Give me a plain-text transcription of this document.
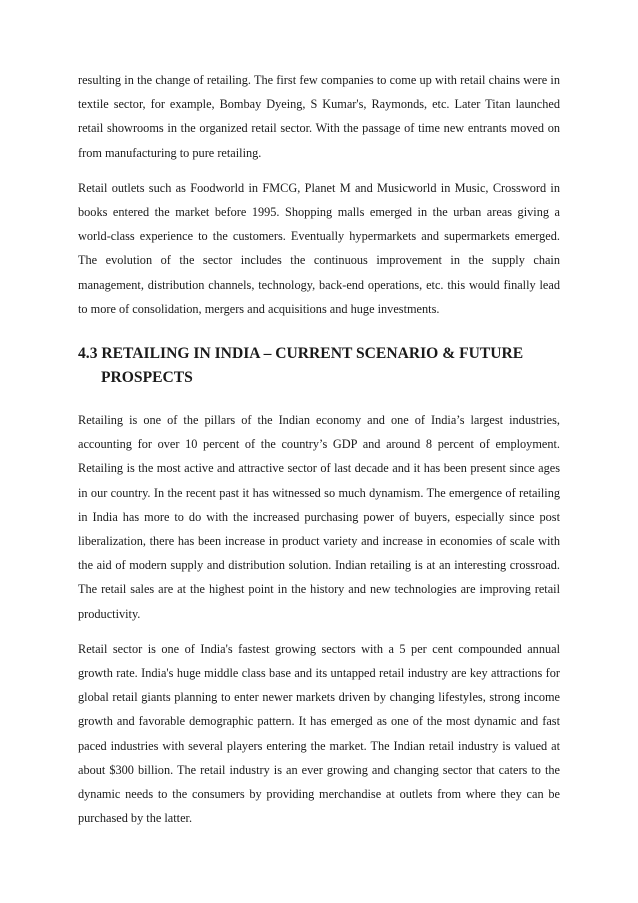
resulting in the change of retailing. The first few companies to come up with retail chains were in textile sector, for example, Bombay Dyeing, S Kumar's, Raymonds, etc. Later Titan launched retail showrooms in the organized retail sector. With the passage of time new entrants moved on from manufacturing to pure retailing.

Retail outlets such as Foodworld in FMCG, Planet M and Musicworld in Music, Crossword in books entered the market before 1995. Shopping malls emerged in the urban areas giving a world-class experience to the customers. Eventually hypermarkets and supermarkets emerged. The evolution of the sector includes the continuous improvement in the supply chain management, distribution channels, technology, back-end operations, etc. this would finally lead to more of consolidation, mergers and acquisitions and huge investments.

4.3 RETAILING IN INDIA – CURRENT SCENARIO & FUTURE
PROSPECTS

Retailing is one of the pillars of the Indian economy and one of India’s largest industries, accounting for over 10 percent of the country’s GDP and around 8 percent of employment. Retailing is the most active and attractive sector of last decade and it has been present since ages in our country. In the recent past it has witnessed so much dynamism. The emergence of retailing in India has more to do with the increased purchasing power of buyers, especially since post liberalization, there has been increase in product variety and increase in economies of scale with the aid of modern supply and distribution solution. Indian retailing is at an interesting crossroad. The retail sales are at the highest point in the history and new technologies are improving retail productivity.

Retail sector is one of India's fastest growing sectors with a 5 per cent compounded annual growth rate. India's huge middle class base and its untapped retail industry are key attractions for global retail giants planning to enter newer markets driven by changing lifestyles, strong income growth and favorable demographic pattern. It has emerged as one of the most dynamic and fast paced industries with several players entering the market. The Indian retail industry is valued at about $300 billion. The retail industry is an ever growing and changing sector that caters to the dynamic needs to the consumers by providing merchandise at outlets from where they can be purchased by the latter.
